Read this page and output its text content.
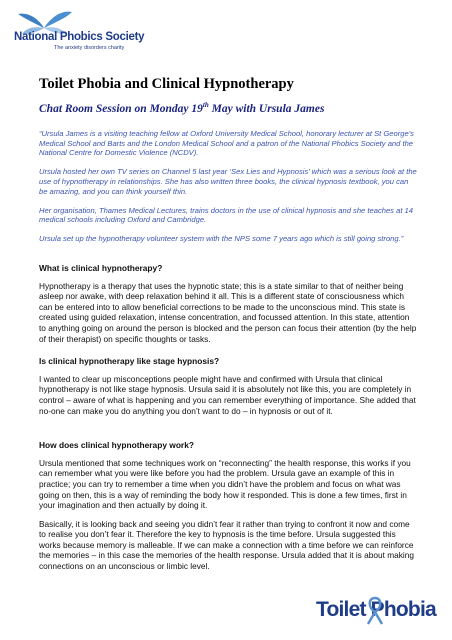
National Phobics Society
The anxiety disorders charity
Toilet Phobia and Clinical Hypnotherapy
Chat Room Session on Monday 19th May with Ursula James

“Ursula James is a visiting teaching fellow at Oxford University Medical School, honorary lecturer at St George's Medical School and Barts and the London Medical School and a patron of the National Phobics Society and the National Centre for Domestic Violence (NCDV).

Ursula hosted her own TV series on Channel 5 last year ‘Sex Lies and Hypnosis’ which was a serious look at the use of hypnotherapy in relationships. She has also written three books, the clinical hypnosis textbook, you can be amazing, and you can think yourself thin.

Her organisation, Thames Medical Lectures, trains doctors in the use of clinical hypnosis and she teaches at 14 medical schools including Oxford and Cambridge.

Ursula set up the hypnotherapy volunteer system with the NPS some 7 years ago which is still going strong.”

What is clinical hypnotherapy?

Hypnotherapy is a therapy that uses the hypnotic state; this is a state similar to that of neither being asleep nor awake, with deep relaxation behind it all. This is a different state of consciousness which can be entered into to allow beneficial corrections to be made to the unconscious mind. This state is created using guided relaxation, intense concentration, and focussed attention. In this state, attention to anything going on around the person is blocked and the person can focus their attention (by the help of their therapist) on specific thoughts or tasks.

Is clinical hypnotherapy like stage hypnosis?

I wanted to clear up misconceptions people might have and confirmed with Ursula that clinical hypnotherapy is not like stage hypnosis. Ursula said it is absolutely not like this, you are completely in control – aware of what is happening and you can remember everything of importance. She added that no-one can make you do anything you don’t want to do – in hypnosis or out of it.

How does clinical hypnotherapy work?

Ursula mentioned that some techniques work on “reconnecting” the health response, this works if you can remember what you were like before you had the problem. Ursula gave an example of this in practice; you can try to remember a time when you didn’t have the problem and focus on what was going on then, this is a way of reminding the body how it responded. This is done a few times, first in your imagination and then actually by doing it.

Basically, it is looking back and seeing you didn’t fear it rather than trying to confront it now and come to realise you don’t fear it. Therefore the key to hypnosis is the time before. Ursula suggested this works because memory is malleable. If we can make a connection with a time before we can reinforce the memories – in this case the memories of the health response. Ursula added that it is about making connections on an unconscious or limbic level.

Toilet Phobia
